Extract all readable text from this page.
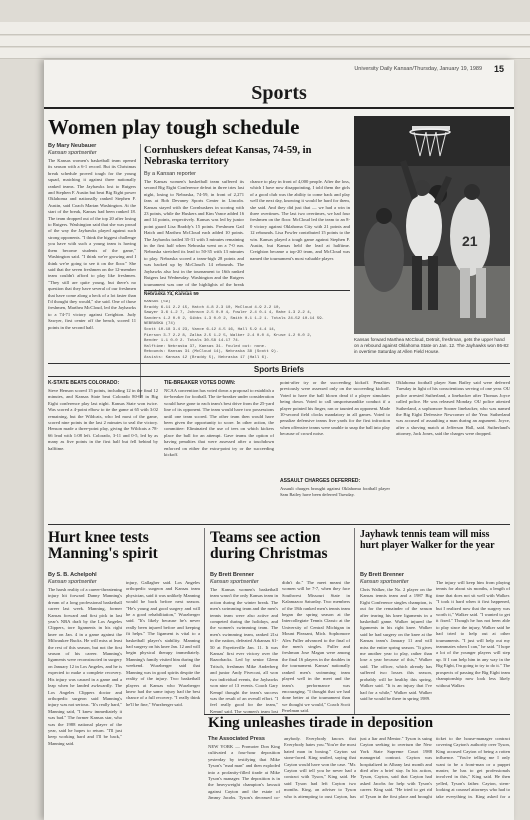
University Daily Kansan/Thursday, January 19, 1989 15
Sports
Women play tough schedule
By Mary Neubauer
Kansan sportswriter
The Kansas women's basketball team opened its season with a 6-1 record. But its Christmas break schedule proved tough for the young squad, matching it against three nationally ranked teams. The Jayhawks lost to Rutgers and Stephen F. Austin but beat Big Eight power Oklahoma and nationally ranked Stephen F. Austin, said Coach Marian Washington. At the start of the break, Kansas had been ranked 18. The team dropped out of the top 20 after losing to Rutgers. Washington said that she was proud of the way the Jayhawks played against such strong opponents. "I think the biggest challenge you have with such a young team is having them become students of the game," Washington said. "I think we're growing and I think we're going to see it on the floor." She said that the seven freshmen on the 12-member team couldn't afford to play like freshmen. "They still are quite young, but there's no question that they have several of our freshmen that have come along a heck of a lot faster than I'd thought they would," she said. One of those freshmen, Marthea McCloud, led the Jayhawks to a 74-71 victory against Creighton. Judy Sawyer, first center off the bench, scored 11 points in the second half.
Cornhuskers defeat Kansas, 74-59, in Nebraska territory
By a Kansan reporter
The Kansas women's basketball team suffered its second Big Eight Conference defeat in three tries last night, losing to Nebraska, 74-59, in front of 2,271 fans at Bob Devaney Sports Center in Lincoln. Kansas stayed with the Cornhuskers in scoring with 23 points, while the Huskers and Kim Vance added 16 and 14 points, respectively. Kansas was led by junior point guard Lisa Braddy's 15 points. Freshmen Gail Hatch and Marthea McCloud each added 10 points. The Jayhawks trailed 35-31 with 3 minutes remaining in the first half when Nebraska went on a 7-0 run. Nebraska stretched its lead to 50-35 with 13 minutes to play. Nebraska scored a team-high 28 points and was backed up by McCloud's 14 rebounds. The Jayhawks also lost in the tournament to 16th ranked Rutgers last Wednesday. Washington and the Rutgers tournament was one of the highlights of the break
chance to play in front of 4,000 people. After the loss, which I have now disappointing, I told them the girls of a good club was the ability to come back and play well the next day, knowing it would be hard for them, she said. And they did just that — we had a win in three overtimes. The last two overtimes, we had four freshmen on the floor. McCloud led the team to an 8-0 victory against Oklahoma City with 21 points and 12 rebounds. Lisa Fowler contributed 15 points to the win. Kansas played a tough game against Stephen F. Austin, but Kansas held the lead at halftime. Creighton became a top-20 team, and McCloud was named the tournament's most valuable player.
Nebraska 74, Kansas 59
KANSAS (59)
Braddy 6-11 2-2 15, Hatch 4-8 2-3 10, McCloud 4-9 2-2 10,
Sawyer 3-6 1-2 7, Johnson 2-5 0-0 4, Fowler 2-4 0-1 4, Rahe 1-3 2-2 4,
Sanders 1-2 0-0 2, Gibbs 1-3 0-0 2, Smith 0-1 1-2 1. Totals 24-52 10-14 59.
NEBRASKA (74)
Scott 10-18 3-4 23, Vance 6-12 4-5 16, Hall 5-9 4-4 14,
Pierson 3-7 2-2 8, Zalba 2-5 1-2 5, Walker 2-4 0-0 4, Kruse 1-2 0-0 2,
Bender 1-1 0-0 2. Totals 30-58 14-17 74.
Halftime: Nebraska 37, Kansas 31. Fouled out: none.
Rebounds: Kansas 31 (McCloud 14), Nebraska 38 (Scott 9).
Assists: Kansas 12 (Braddy 5), Nebraska 17 (Hall 6).
21
Kansas forward Marthea McCloud, Detroit, freshman, gets the upper hand on a rebound against Oklahoma State on Jan. 12. The Jayhawks won 86-82 in overtime Saturday at Allen Field House.
Sports Briefs
K-STATE BEATS COLORADO:
Steve Henson scored 15 points, including 12 in the final 12 minutes, and Kansas State beat Colorado 80-68 in Big Eight conference play last night. Kansas State won twice. Was scored a 4-point elbow to tie the game at 65 with 3:02 remaining, but the Wildcats, who led most of the game, scored nine points in the last 2 minutes to seal the victory. Henson made a three-point play, giving the Wildcats a 78-66 lead with 1:08 left. Colorado, 3-11 and 0-5, led by as many as five points in the first half but fell behind by halftime.
TIE-BREAKER VOTES DOWN:
NCAA convention has voted down a proposal to establish a tie-breaker for football. The tie-breaker under consideration would have gone to each team's best drive from the 25-yard line of its opponent. The team would have two possessions until one team scored. The other team then would have been given the opportunity to score. In other action, the committee: Eliminated the use of tees on which kickers place the ball for an attempt. Gave teams the option of having penalties that were assessed after a touchdown enforced on either the extra-point try or the succeeding kickoff.
point-after try or the succeeding kickoff. Penalties previously were assessed only on the succeeding kickoff. Voted to have the ball blown dead if a player simulates being down. Voted to call unsportsmanlike conduct if a player pointed his finger, ran or taunted an opponent. Made 10-second field clocks mandatory in all games. Voted to penalize defensive teams five yards for the first infraction when offensive teams were unable to snap the ball into play because of crowd noise.
ASSAULT CHARGES DEFERRED:
Assault charges brought against Oklahoma football player Sam Bailey have been deferred Tuesday.
Oklahoma football player Sam Bailey said were deferred Tuesday in light of his conscientious serving of one year. OU police arrested Sutherland, a linebacker after Thomas Joyce called police. He was released Monday. OU police attested Sutherland, a sophomore Sooner linebacker, who was named the Big Eight Defensive Newcomer of the Year. Sutherland was accused of assaulting a man during an argument. Joyce, after a shoving match at Jefferson Hall, said. Sutherland's attorney, Jack Jones, said the charges were dropped.
Hurt knee tests Manning's spirit
By S. B. Achelpohl
Kansan sportswriter
The harsh reality of a career-threatening injury hit forward Danny Manning's dream of a long professional basketball career last week. Manning, former Kansas forward and first pick in last year's NBA draft by the Los Angeles Clippers, tore ligaments in his right knee on Jan. 4 in a game against the Milwaukee Bucks. He will miss at least the rest of this season, but not the first season of his career. Manning's ligaments were reconstructed in surgery on January 12 in Los Angeles, and he is expected to make a complete recovery. His injury was caused in a game and a leap when he landed awkwardly. The Los Angeles Clippers doctor and orthopedic surgeon said Manning's injury was not serious. "It's really hard," Manning said, "I knew immediately it was bad." The former Kansas star, who was the 1988 national player of the year, said he hopes to return. "I'll just keep working hard and I'll be back," Manning said.
injury, Gallagher said. Los Angeles orthopedic surgeon and Kansas team physician, said it was unlikely Manning would be back before next season. "He's young and good surgery and will be a good rehabilitation," Wurzberger said. "It's likely because he's never really been injured before and keeping fit helps." The ligament is vital to a basketball player's stability. Manning had surgery on his knee Jan. 12 and will begin physical therapy immediately. Manning's family visited him during the weekend. Wurzberger said that Manning was in good spirits despite the reality of the injury. Two basketball players at Kansas who Wurzberger knew had the same injury had the best chance of a full recovery. "I really think he'll be fine," Wurzberger said.
Teams see action during Christmas
By Brett Brenner
Kansan sportswriter
The Kansas women's basketball team wasn't the only Kansas team in action during the winter break. The men's swimming team and the men's tennis team were also active and competed during the holidays, and the women's swimming team. The men's swimming team, ranked 21st in the nation, defeated Arkansas 61-50 at Fayetteville Jan. 11. It was Kansas' first ever victory over the Razorbacks. Led by senior Glenn Tritsch, freshman Mike Anderberg and junior Andy Fivecoat, all won two individual events, the Jayhawks won nine of 13 events. Coach Gary Kempf thought the team's success was the result of an overall effort. "I feel really good for the team," Kempf said. The women's team lost
didn't do." The meet meant the women will be 7-7, when they face Southwest Missouri State in Kalamazoo Saturday. Two members of the 18th ranked men's tennis team began the spring season at the Intercollegiate Tennis Classic at the University of Central Michigan in Mount Pleasant, Mich. Sophomore Alex Fuller advanced to the final of the men's singles. Fuller and freshman Jose Magan were among the final 16 players in the doubles in the tournament. Kansas' nationally ranked men's swimming team played well in the meet and the team's performance was encouraging. "I thought that we had done better at the tournament than we thought we would," Coach Scott Perelman said.
Jayhawk tennis team will miss hurt player Walker for the year
By Brett Brenner
Kansan sportswriter
Chris Walker, the No. 2 player on the Kansas tennis team and a 1987 Big Eight Conference singles champion, is out for the remainder of the season after tearing his knee ligaments in a basketball game. Walker injured the ligaments in his right knee. Walker said he had surgery on the knee at the Kansas team's January 11 and will miss the entire spring season. "It gives me another year to play, rather than lose a year because of this," Walker said. The officer, which already has suffered two losses this season, probably will be healthy this spring, Walker said. "It is an injury that I've had for a while," Walker said. Walker said he would be there in spring 1989.
The injury will keep him from playing tennis for about six months, a length of time that does not sit well with Walker. "I took it hard when it first happened, but I realized now that the surgery was worth it," Walker said. "I wanted to get it fixed." Though he has not been able to play since the injury, Walker said he had tried to help out at other tournaments. "I just will help out my teammates when I can," he said. "I hope a lot of the younger players will step up. If I can help him in any way in the Big Eight, I'm going to try to do it." The prospects of passing the Big Eight team championship now look less likely without Walker.
King unleashes tirade in deposition
The Associated Press
NEW YORK — Promoter Don King cultivated a four-hour deposition yesterday by testifying that Mike Tyson's "mad man" and then exploded into a profanity-filled tirade at Mike Tyson's manager. The deposition is in the heavyweight champion's lawsuit against Cayton and the estate of Jimmy Jacobs. Tyson's deceased co-
anybody. Everybody knows that Everybody hates you."You're the most hated man in boxing." Cayton sat stone-faced. King smiled, saying that Cayton would have won the case. "Mr. Cayton will tell you he never had a contract with Tyson," King said. He said Tyson had left Cayton two months. King, an adviser to Tyson who is attempting to oust Cayton, has
just a liar and Mentor." Tyson is suing Cayton seeking to overturn the New York State Supreme Court 1988 managerial contract. Cayton was hospitalized in Albany last month and died after a brief stay. In his action, Tyson, Cayton, said that Cayton had asked Jacobs for help with Tyson's career. King said. "He tried to get rid of Tyson in the first place and brought
ticket to the house-manager contract covering Cayton's authority over Tyson, King accused Cayton of being a rotten influence. "You're telling me I only want to be a front-man or a puppet master, he has to get professionals involved in this," King said. He then yelled, Tyson's father. Cayton, stern-looking at counsel attorneys who had to take everything in. King asked for a
